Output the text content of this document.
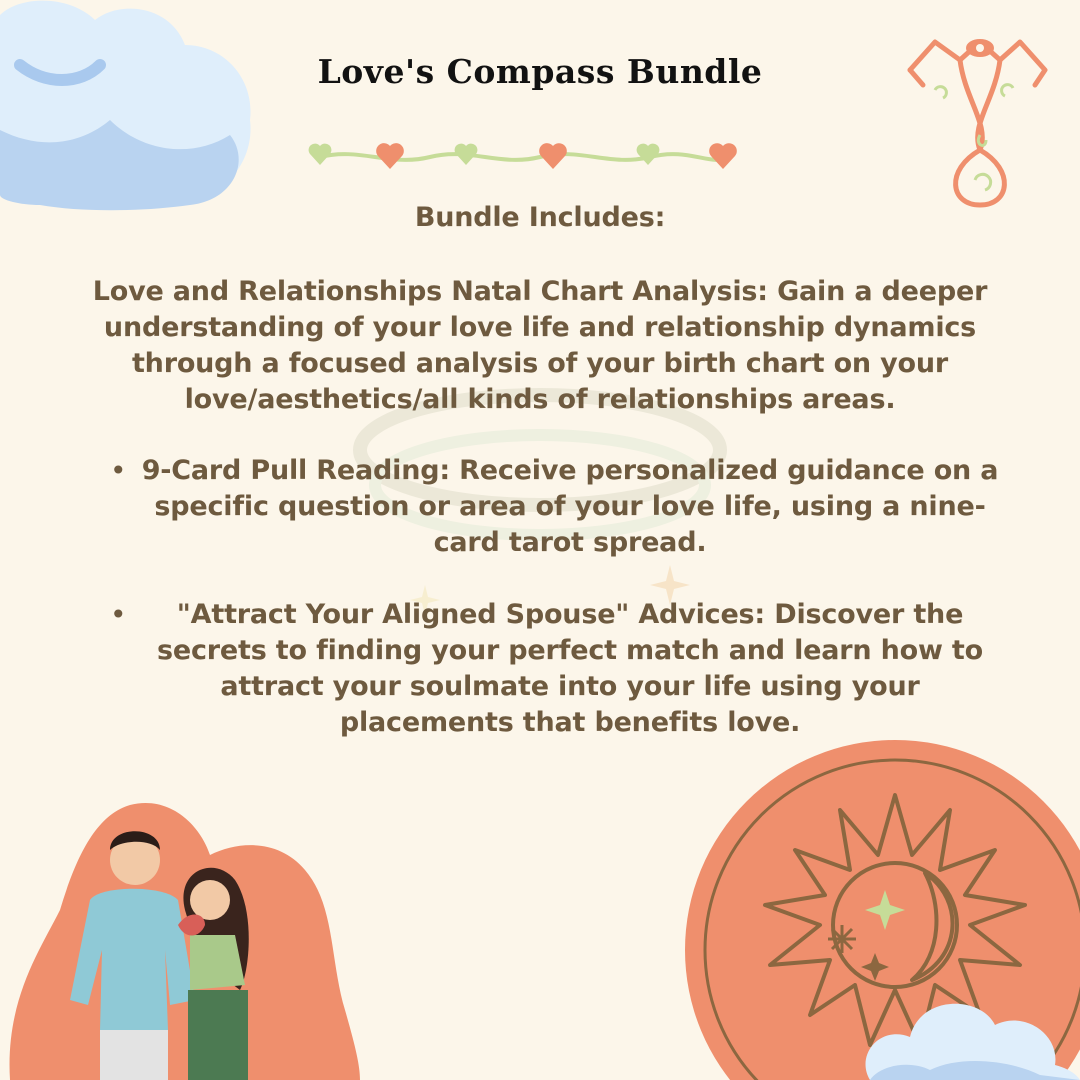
Love's Compass Bundle
Bundle Includes:
Love and Relationships Natal Chart Analysis: Gain a deeper understanding of your love life and relationship dynamics through a focused analysis of your birth chart on your love/aesthetics/all kinds of relationships areas.
• 9-Card Pull Reading: Receive personalized guidance on a specific question or area of your love life, using a nine-card tarot spread.
•	"Attract Your Aligned Spouse" Advices: Discover the secrets to finding your perfect match and learn how to attract your soulmate into your life using your placements that benefits love.
